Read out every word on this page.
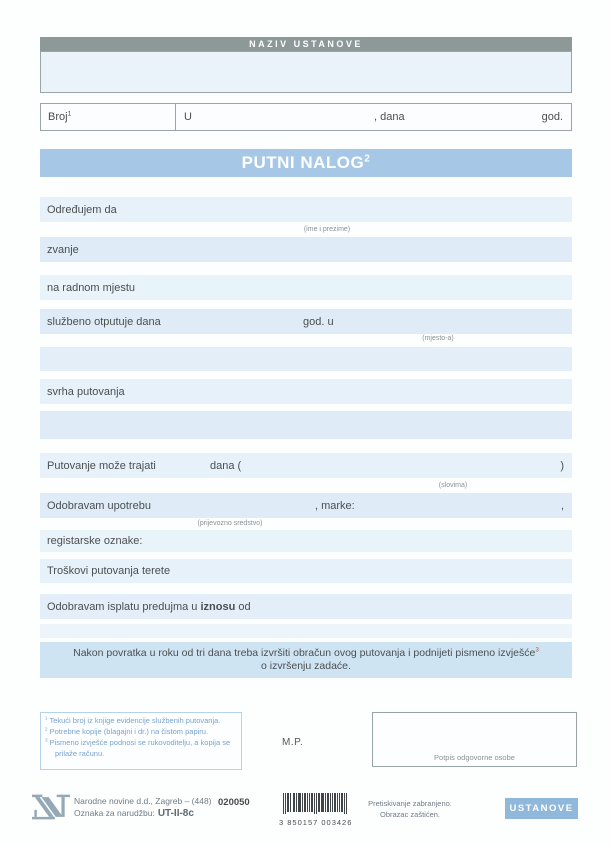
NAZIV USTANOVE
Broj$^1$	U	, dana	god.
PUTNI NALOG$^2$
Određujem da
(ime i prezime)
zvanje
na radnom mjestu
službeno otputuje dana	god. u
(mjesto-a)
svrha putovanja
Putovanje može trajati	dana (	)
(slovima)
Odobravam upotrebu	, marke:	,
(prijevozno sredstvo)
registarske oznake:
Troškovi putovanja terete
Odobravam isplatu predujma u iznosu od
Nakon povratka u roku od tri dana treba izvršiti obračun ovog putovanja i podnijeti pismeno izvješće$^3$
o izvršenju zadaće.
$^1$ Tekući broj iz knjige evidencije službenih putovanja.
$^2$ Potrebne kopije (blagajni i dr.) na čistom papiru.
$^3$ Pismeno izvješće podnosi se rukovoditelju, a kopija se prilaže računu.
M.P.
Potpis odgovorne osobe
Narodne novine d.d., Zagreb – (448)
Oznaka za narudžbu: UT-II-8c
020050
3 850157 003426
Pretiskivanje zabranjeno.
Obrazac zaštićen.	USTANOVE
